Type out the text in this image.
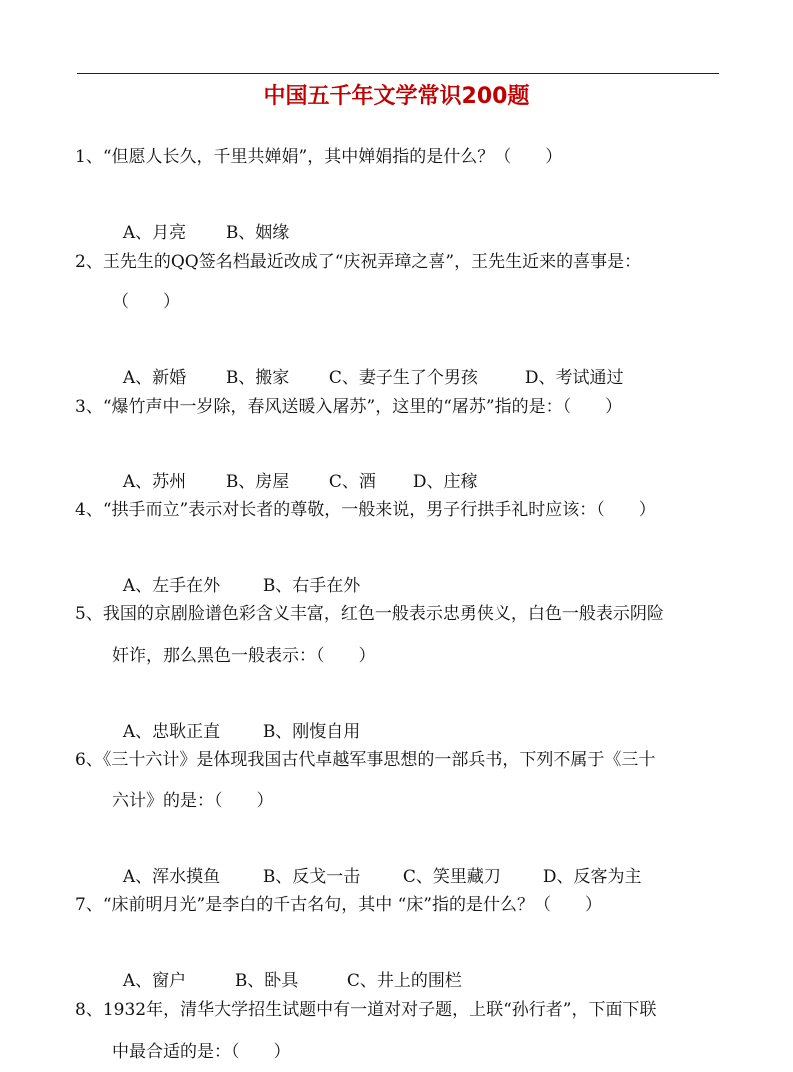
中国五千年文学常识200题
1、“但愿人长久，千里共婵娟”，其中婵娟指的是什么？（　　）

A、月亮 B、姻缘

2、王先生的QQ签名档最近改成了“庆祝弄璋之喜”，王先生近来的喜事是：
（　　）

A、新婚 B、搬家 C、妻子生了个男孩	D、考试通过

3、“爆竹声中一岁除，春风送暖入屠苏”，这里的“屠苏”指的是：（　　）

A、苏州 B、房屋 C、酒 D、庄稼

4、“拱手而立”表示对长者的尊敬，一般来说，男子行拱手礼时应该：（　　）

A、左手在外	B、右手在外

5、我国的京剧脸谱色彩含义丰富，红色一般表示忠勇侠义，白色一般表示阴险
奸诈，那么黑色一般表示：（　　）

A、忠耿正直	B、刚愎自用

6、《三十六计》是体现我国古代卓越军事思想的一部兵书，下列不属于《三十
六计》的是：（　　）

A、浑水摸鱼	B、反戈一击	C、笑里藏刀 D、反客为主

7、“床前明月光”是李白的千古名句，其中 “床”指的是什么？（　　）

A、窗户	B、卧具	C、井上的围栏

8、1932年，清华大学招生试题中有一道对对子题，上联“孙行者”，下面下联
中最合适的是：（　　）
